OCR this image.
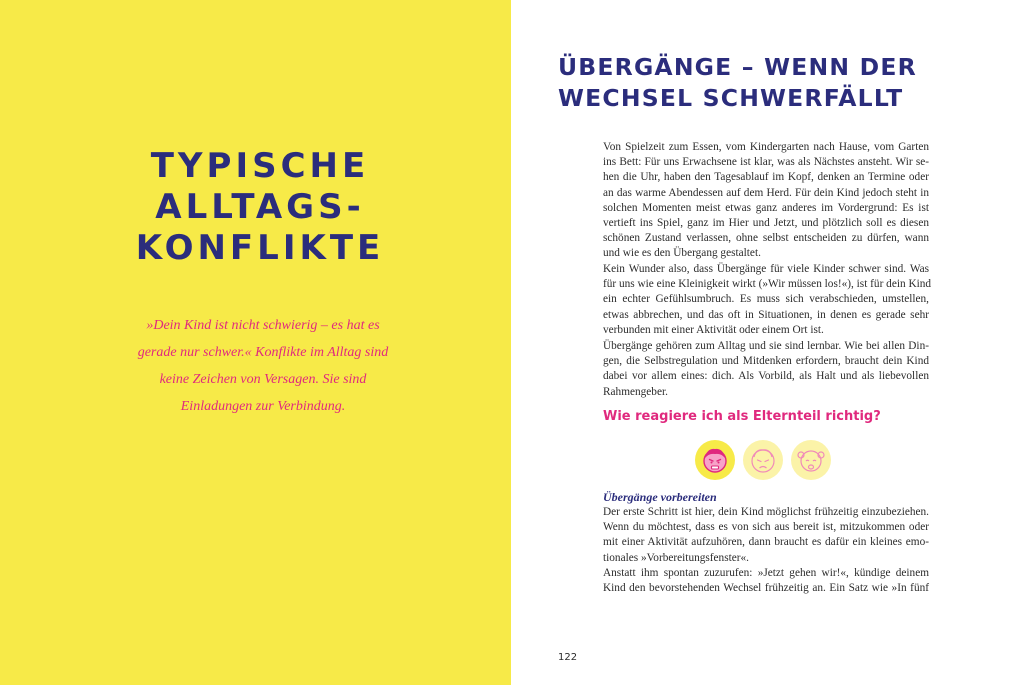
TYPISCHE
ALLTAGS-
KONFLIKTE
»Dein Kind ist nicht schwierig – es hat es
gerade nur schwer.« Konflikte im Alltag sind
keine Zeichen von Versagen. Sie sind
Einladungen zur Verbindung.
ÜBERGÄNGE – WENN DER
WECHSEL SCHWERFÄLLT
Von Spielzeit zum Essen, vom Kindergarten nach Hause, vom Garten
ins Bett: Für uns Erwachsene ist klar, was als Nächstes ansteht. Wir se-
hen die Uhr, haben den Tagesablauf im Kopf, denken an Termine oder
an das warme Abendessen auf dem Herd. Für dein Kind jedoch steht in
solchen Momenten meist etwas ganz anderes im Vordergrund: Es ist
vertieft ins Spiel, ganz im Hier und Jetzt, und plötzlich soll es diesen
schönen Zustand verlassen, ohne selbst entscheiden zu dürfen, wann
und wie es den Übergang gestaltet.
Kein Wunder also, dass Übergänge für viele Kinder schwer sind. Was
für uns wie eine Kleinigkeit wirkt (»Wir müssen los!«), ist für dein Kind
ein echter Gefühlsumbruch. Es muss sich verabschieden, umstellen,
etwas abbrechen, und das oft in Situationen, in denen es gerade sehr
verbunden mit einer Aktivität oder einem Ort ist.
Übergänge gehören zum Alltag und sie sind lernbar. Wie bei allen Din-
gen, die Selbstregulation und Mitdenken erfordern, braucht dein Kind
dabei vor allem eines: dich. Als Vorbild, als Halt und als liebevollen
Rahmengeber.
Wie reagiere ich als Elternteil richtig?
Übergänge vorbereiten
Der erste Schritt ist hier, dein Kind möglichst frühzeitig einzubeziehen.
Wenn du möchtest, dass es von sich aus bereit ist, mitzukommen oder
mit einer Aktivität aufzuhören, dann braucht es dafür ein kleines emo-
tionales »Vorbereitungsfenster«.
Anstatt ihm spontan zuzurufen: »Jetzt gehen wir!«, kündige deinem
Kind den bevorstehenden Wechsel frühzeitig an. Ein Satz wie »In fünf
122
